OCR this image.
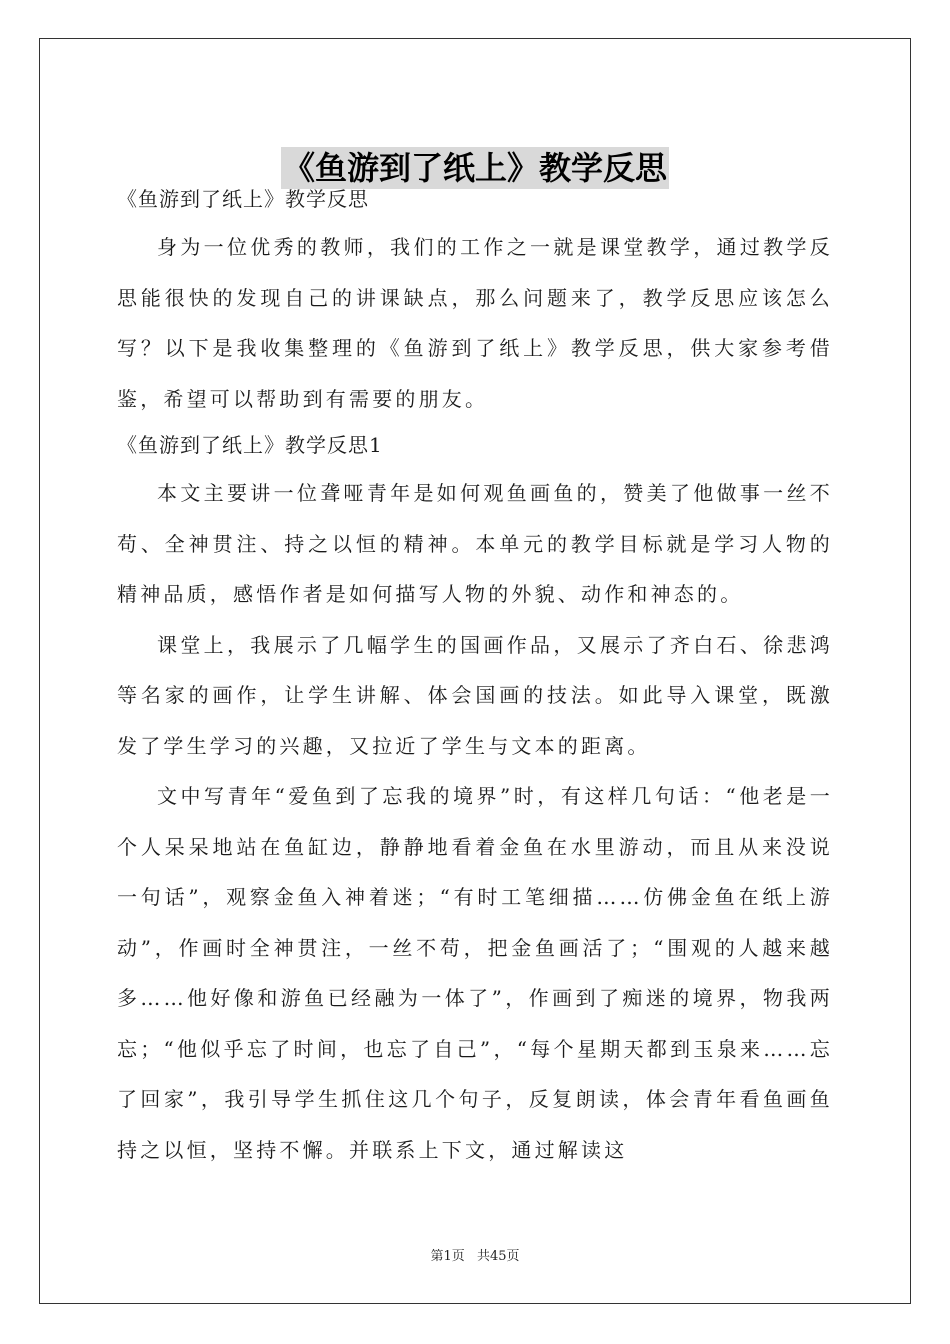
《鱼游到了纸上》教学反思

《鱼游到了纸上》教学反思

身为一位优秀的教师，我们的工作之一就是课堂教学，通过教学反思能很快的发现自己的讲课缺点，那么问题来了，教学反思应该怎么写？以下是我收集整理的《鱼游到了纸上》教学反思，供大家参考借鉴，希望可以帮助到有需要的朋友。

《鱼游到了纸上》教学反思1

本文主要讲一位聋哑青年是如何观鱼画鱼的，赞美了他做事一丝不苟、全神贯注、持之以恒的精神。本单元的教学目标就是学习人物的精神品质，感悟作者是如何描写人物的外貌、动作和神态的。

课堂上，我展示了几幅学生的国画作品，又展示了齐白石、徐悲鸿等名家的画作，让学生讲解、体会国画的技法。如此导入课堂，既激发了学生学习的兴趣，又拉近了学生与文本的距离。

文中写青年“爱鱼到了忘我的境界”时，有这样几句话：“他老是一个人呆呆地站在鱼缸边，静静地看着金鱼在水里游动，而且从来没说一句话”，观察金鱼入神着迷；“有时工笔细描……仿佛金鱼在纸上游动”，作画时全神贯注，一丝不苟，把金鱼画活了；“围观的人越来越多……他好像和游鱼已经融为一体了”，作画到了痴迷的境界，物我两忘；“他似乎忘了时间，也忘了自己”，“每个星期天都到玉泉来……忘了回家”，我引导学生抓住这几个句子，反复朗读，体会青年看鱼画鱼持之以恒，坚持不懈。并联系上下文，通过解读这

第1页 共45页
